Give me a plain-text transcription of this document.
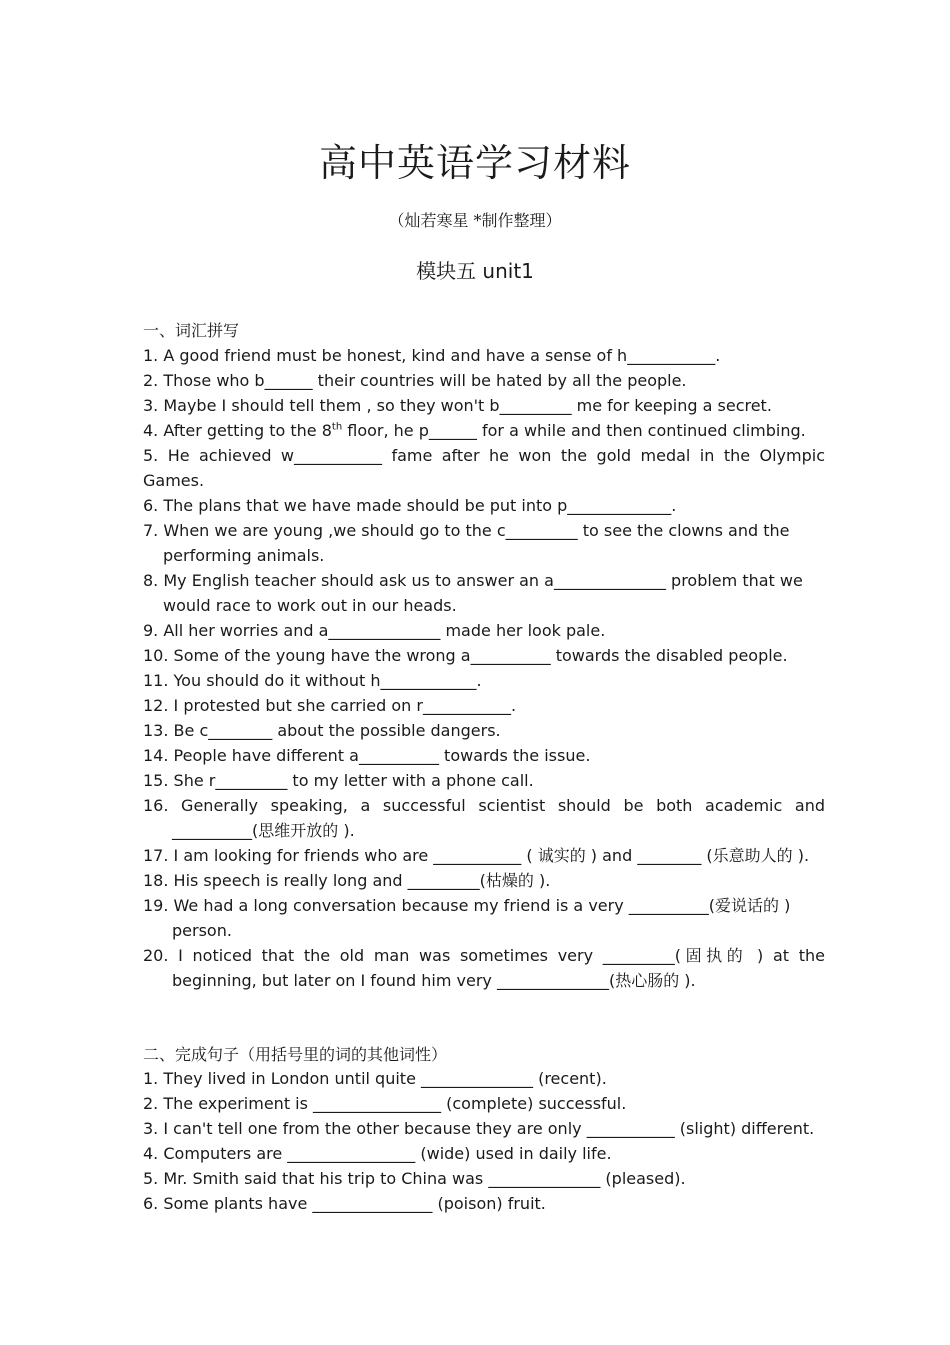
高中英语学习材料
（灿若寒星 *制作整理）
模块五 unit1
一、词汇拼写
1. A good friend must be honest, kind and have a sense of h___________.
2. Those who b______ their countries will be hated by all the people.
3. Maybe I should tell them , so they won't b_________ me for keeping a secret.
4. After getting to the 8th floor, he p______ for a while and then continued climbing.
5. He achieved w___________ fame after he won the gold medal in the Olympic Games.
6. The plans that we have made should be put into p_____________.
7. When we are young ,we should go to the c_________ to see the clowns and the performing animals.
8. My English teacher should ask us to answer an a______________ problem that we would race to work out in our heads.
9. All her worries and a______________ made her look pale.
10. Some of the young have the wrong a__________ towards the disabled people.
11. You should do it without h____________.
12. I protested but she carried on r___________.
13. Be c________ about the possible dangers.
14. People have different a__________ towards the issue.
15. She r_________ to my letter with a phone call.
16. Generally speaking, a successful scientist should be both academic and __________(思维开放的 ).
17. I am looking for friends who are ___________ ( 诚实的 ) and ________ (乐意助人的 ).
18. His speech is really long and _________(枯燥的 ).
19. We had a long conversation because my friend is a very __________(爱说话的 ) person.
20. I noticed that the old man was sometimes very _________(固执的 ) at the beginning, but later on I found him very ______________(热心肠的 ).
二、完成句子（用括号里的词的其他词性）
1. They lived in London until quite ______________ (recent).
2. The experiment is ________________ (complete) successful.
3. I can't tell one from the other because they are only ___________ (slight) different.
4. Computers are ________________ (wide) used in daily life.
5. Mr. Smith said that his trip to China was ______________ (pleased).
6. Some plants have _______________ (poison) fruit.
